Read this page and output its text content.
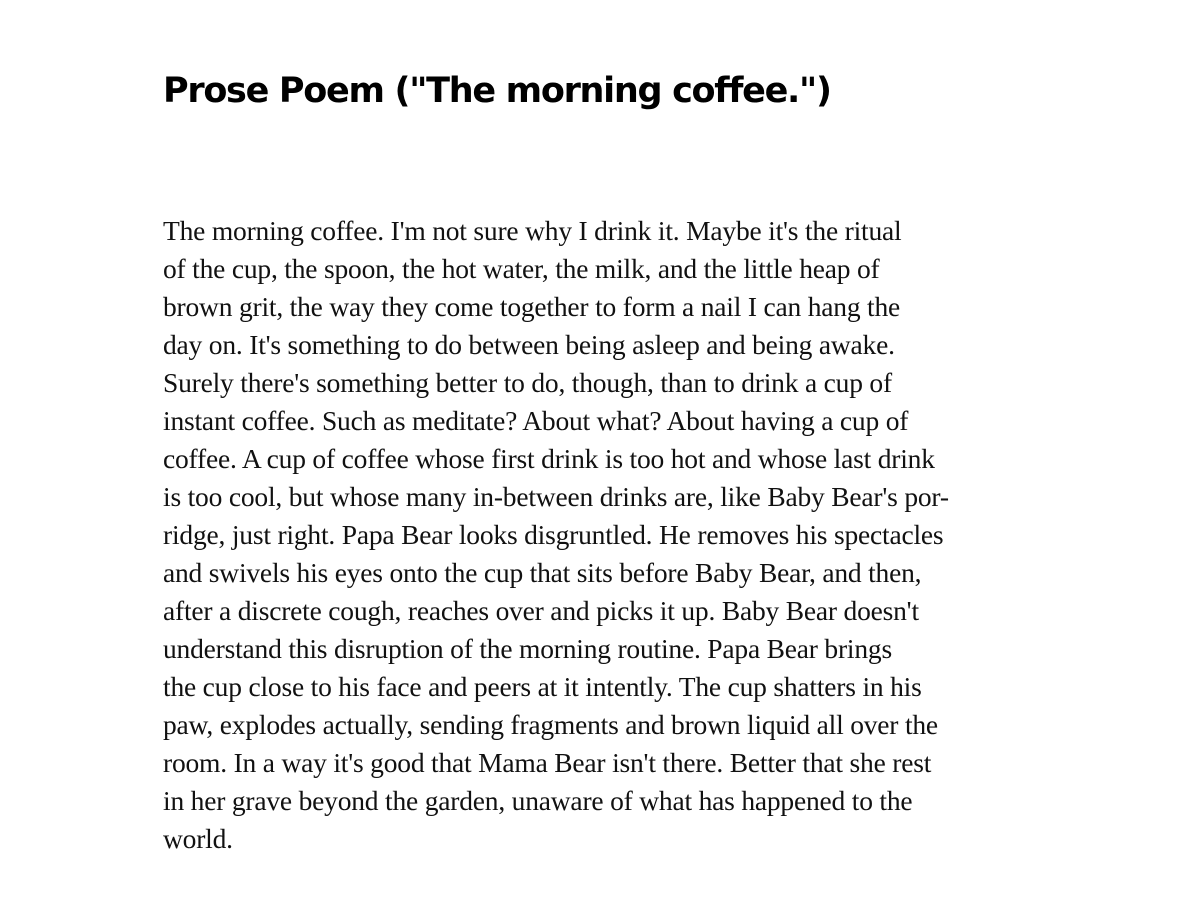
Prose Poem ("The morning coffee.")
The morning coffee. I'm not sure why I drink it. Maybe it's the ritual
of the cup, the spoon, the hot water, the milk, and the little heap of
brown grit, the way they come together to form a nail I can hang the
day on. It's something to do between being asleep and being awake.
Surely there's something better to do, though, than to drink a cup of
instant coffee. Such as meditate? About what? About having a cup of
coffee. A cup of coffee whose first drink is too hot and whose last drink
is too cool, but whose many in-between drinks are, like Baby Bear's por-
ridge, just right. Papa Bear looks disgruntled. He removes his spectacles
and swivels his eyes onto the cup that sits before Baby Bear, and then,
after a discrete cough, reaches over and picks it up. Baby Bear doesn't
understand this disruption of the morning routine. Papa Bear brings
the cup close to his face and peers at it intently. The cup shatters in his
paw, explodes actually, sending fragments and brown liquid all over the
room. In a way it's good that Mama Bear isn't there. Better that she rest
in her grave beyond the garden, unaware of what has happened to the
world.
